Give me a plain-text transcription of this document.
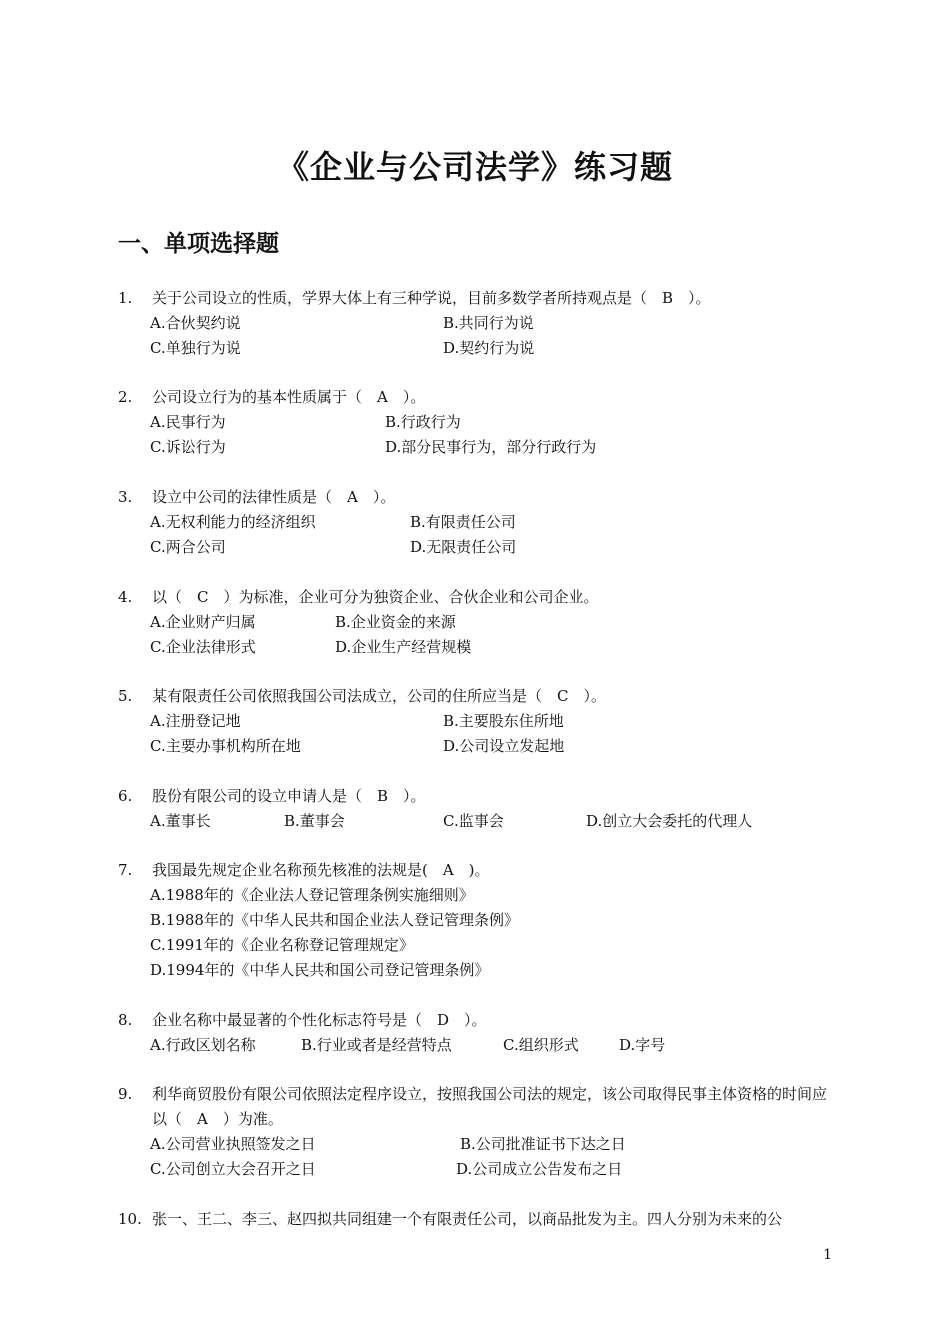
《企业与公司法学》练习题
一、单项选择题
1. 关于公司设立的性质，学界大体上有三种学说，目前多数学者所持观点是（　B　）。
A.合伙契约说	B.共同行为说
C.单独行为说	D.契约行为说
2. 公司设立行为的基本性质属于（　A　）。
A.民事行为	B.行政行为
C.诉讼行为	D.部分民事行为，部分行政行为
3. 设立中公司的法律性质是（　A　）。
A.无权利能力的经济组织	B.有限责任公司
C.两合公司	D.无限责任公司
4. 以（　C　）为标准，企业可分为独资企业、合伙企业和公司企业。
A.企业财产归属	B.企业资金的来源
C.企业法律形式	D.企业生产经营规模
5. 某有限责任公司依照我国公司法成立，公司的住所应当是（　C　）。
A.注册登记地	B.主要股东住所地
C.主要办事机构所在地	D.公司设立发起地
6. 股份有限公司的设立申请人是（　B　）。
A.董事长	B.董事会	C.监事会	D.创立大会委托的代理人
7. 我国最先规定企业名称预先核准的法规是(　A　)。
A.1988年的《企业法人登记管理条例实施细则》
B.1988年的《中华人民共和国企业法人登记管理条例》
C.1991年的《企业名称登记管理规定》
D.1994年的《中华人民共和国公司登记管理条例》
8. 企业名称中最显著的个性化标志符号是（　D　）。
A.行政区划名称	B.行业或者是经营特点	C.组织形式	D.字号
9. 利华商贸股份有限公司依照法定程序设立，按照我国公司法的规定，该公司取得民事主体资格的时间应以（　A　）为准。
A.公司营业执照签发之日	B.公司批准证书下达之日
C.公司创立大会召开之日	D.公司成立公告发布之日
10. 张一、王二、李三、赵四拟共同组建一个有限责任公司，以商品批发为主。四人分别为未来的公
1
